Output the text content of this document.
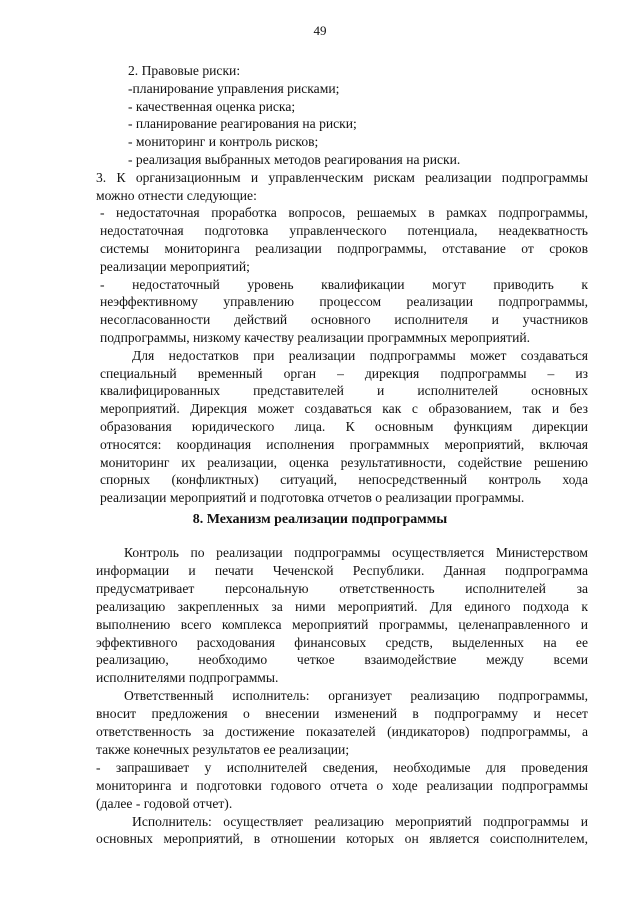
49
2. Правовые риски:
-планирование управления рисками;
- качественная оценка риска;
- планирование реагирования на риски;
- мониторинг и контроль рисков;
- реализация выбранных методов реагирования на риски.
3. К организационным и управленческим рискам реализации подпрограммы
можно отнести следующие:
- недостаточная проработка вопросов, решаемых в рамках подпрограммы,
недостаточная подготовка управленческого потенциала, неадекватность
системы мониторинга реализации подпрограммы, отставание от сроков
реализации мероприятий;
- недостаточный уровень квалификации могут приводить к
неэффективному управлению процессом реализации подпрограммы,
несогласованности действий основного исполнителя и участников
подпрограммы, низкому качеству реализации программных мероприятий.
Для недостатков при реализации подпрограммы может создаваться
специальный временный орган – дирекция подпрограммы – из
квалифицированных представителей и исполнителей основных
мероприятий. Дирекция может создаваться как с образованием, так и без
образования юридического лица. К основным функциям дирекции
относятся: координация исполнения программных мероприятий, включая
мониторинг их реализации, оценка результативности, содействие решению
спорных (конфликтных) ситуаций, непосредственный контроль хода
реализации мероприятий и подготовка отчетов о реализации программы.
Контроль по реализации подпрограммы осуществляется Министерством
информации и печати Чеченской Республики. Данная подпрограмма
предусматривает персональную ответственность исполнителей за
реализацию закрепленных за ними мероприятий. Для единого подхода к
выполнению всего комплекса мероприятий программы, целенаправленного и
эффективного расходования финансовых средств, выделенных на ее
реализацию, необходимо четкое взаимодействие между всеми
исполнителями подпрограммы.
Ответственный исполнитель: организует реализацию подпрограммы,
вносит предложения о внесении изменений в подпрограмму и несет
ответственность за достижение показателей (индикаторов) подпрограммы, а
также конечных результатов ее реализации;
- запрашивает у исполнителей сведения, необходимые для проведения
мониторинга и подготовки годового отчета о ходе реализации подпрограммы
(далее - годовой отчет).
Исполнитель: осуществляет реализацию мероприятий подпрограммы и
основных мероприятий, в отношении которых он является соисполнителем,
8. Механизм реализации подпрограммы
